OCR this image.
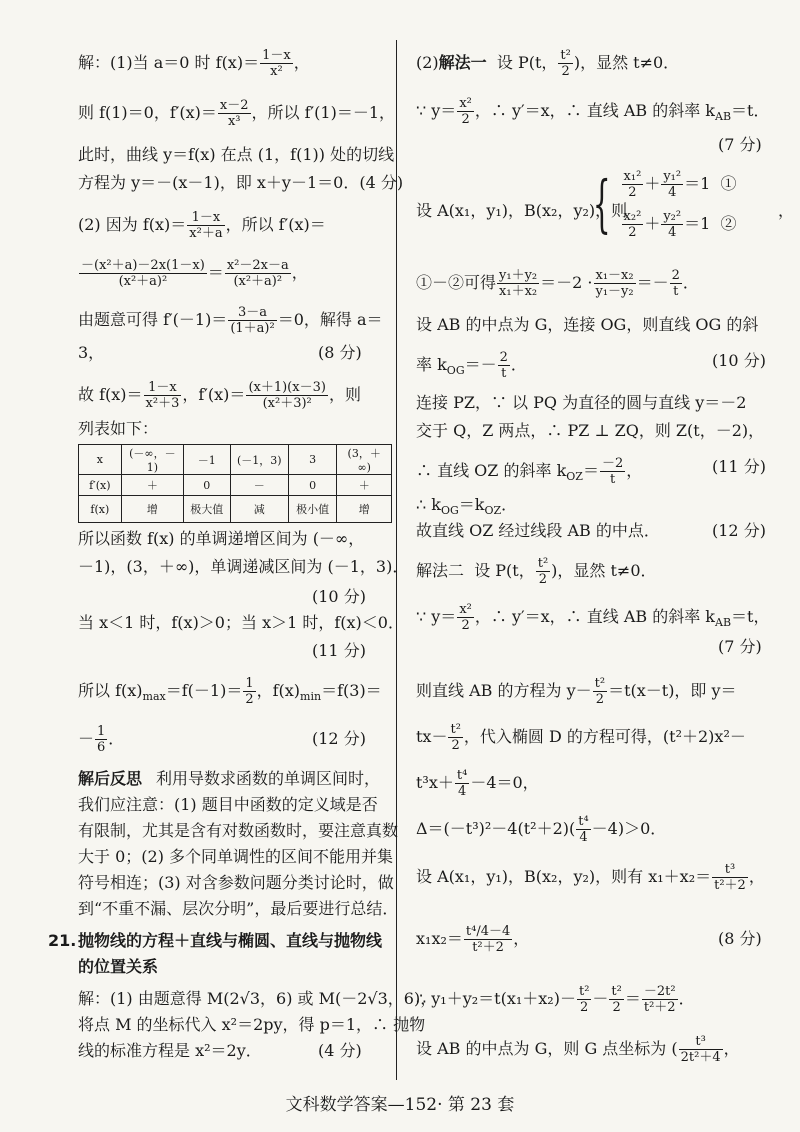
解：(1)当 a＝0 时 $f(x)= \frac{1-x}{\text{x²}}$ ，
则 f(1)＝0，$f'(x)= \frac{x-2}{\text{x³}}$ ，所以 f′(1)＝－1，
此时，曲线 y＝f(x) 在点 (1，f(1)) 处的切线
方程为 y＝－(x－1)，即 x＋y－1＝0．(4 分)
(2) 因为 $f(x)= \frac{1-x}{\text{x²＋a}}$ ，所以 f′(x)＝
$\frac{\text{－(x²＋a)－2x(1－x)}}{\text{(x²＋a)²}} = \frac{\text{x²－2x－a}}{\text{(x²＋a)²}}$ ，
由题意可得 $f'(-1)= \frac{3-a}{\text{(1＋a)²}} =0$，解得 a＝
3，	(8 分)
故 $f(x)= \frac{1-x}{\text{x²＋3}}$ ，$f'(x)= \frac{(x+1)(x-3)}{\text{(x²＋3)²}}$ ，则
列表如下：
x	(－∞，－1)	－1	(－1，3)	3	(3，＋∞)
f′(x)	＋	0	－	0	＋
f(x)	增	极大值	减	极小值	增
所以函数 f(x) 的单调递增区间为 (－∞，
－1)，(3，＋∞)，单调递减区间为 (－1，3)．
(10 分)
当 x＜1 时，f(x)＞0；当 x＞1 时，f(x)＜0．
(11 分)
所以 $f(x)_{max}=f(-1)= \frac{1}{2}$ ，$f(x)_{min}=f(3)=$
－ $\frac{1}{6}$ ．	(12 分)
解后反思 利用导数求函数的单调区间时，
我们应注意：(1) 题目中函数的定义域是否
有限制，尤其是含有对数函数时，要注意真数
大于 0；(2) 多个同单调性的区间不能用并集
符号相连；(3) 对含参数问题分类讨论时，做
到“不重不漏、层次分明”，最后要进行总结．
21. 抛物线的方程＋直线与椭圆、直线与抛物线
的位置关系
解：(1) 由题意得 M(2√3，6) 或 M(－2√3，6)，
将点 M 的坐标代入 x²＝2py，得 p＝1，∴ 抛物
线的标准方程是 x²＝2y．	(4 分)
(2)解法一 设 P(t， $\frac{\text{t²}}{2}$ )，显然 t≠0．
∵ $y= \frac{\text{x²}}{2}$ ，∴ y′＝x，∴ 直线 AB 的斜率 $k_{AB}=t$．
(7 分)
设 A(x₁，y₁)，B(x₂，y₂)，则
{ $\frac{\text{x₁²}}{2} + \frac{\text{y₁²}}{4} =1$ ①
$\frac{\text{x₂²}}{2} + \frac{\text{y₂²}}{4} =1$ ②
，
①－②可得 $\frac{\text{y₁＋y₂}}{\text{x₁＋x₂}} =-2 \cdot \frac{\text{x₁－x₂}}{\text{y₁－y₂}} =- \frac{2}{t}$ ．
设 AB 的中点为 G，连接 OG，则直线 OG 的斜
率 $k_{OG}=- \frac{2}{t}$ ．	(10 分)
连接 PZ，∵ 以 PQ 为直径的圆与直线 y＝－2
交于 Q，Z 两点，∴ PZ ⊥ ZQ，则 Z(t，－2)，
∴ 直线 OZ 的斜率 $k_{OZ}= \frac{-2}{t}$ ，	(11 分)
∴ $k_{OG}=k_{OZ}$．
故直线 OZ 经过线段 AB 的中点．	(12 分)
解法二 设 P(t， $\frac{\text{t²}}{2}$ )，显然 t≠0．
∵ $y= \frac{\text{x²}}{2}$ ，∴ y′＝x，∴ 直线 AB 的斜率 $k_{AB}=t$，
(7 分)
则直线 AB 的方程为 $y- \frac{\text{t²}}{2} =t(x-t)$，即 y＝
$tx- \frac{\text{t²}}{2}$ ，代入椭圆 D 的方程可得，(t²＋2)x²－
$t^3x+ \frac{\text{t⁴}}{4} -4=0$，
$\Delta=(-t^3)^2-4(t^2+2)( \frac{\text{t⁴}}{4} -4)>0$．
设 A(x₁，y₁)，B(x₂，y₂)，则有 $x_1+x_2= \frac{\text{t³}}{\text{t²＋2}}$ ，
$x_1x_2= \frac{\text{t⁴/4－4}}{\text{t²＋2}}$ ，	(8 分)
∴ $y_1+y_2=t(x_1+x_2)- \frac{\text{t²}}{2} - \frac{\text{t²}}{2} = \frac{\text{－2t²}}{\text{t²＋2}}$ ．
设 AB 的中点为 G，则 G 点坐标为 ( $\frac{\text{t³}}{\text{2t²＋4}}$ ，
文科数学答案—152· 第 23 套
